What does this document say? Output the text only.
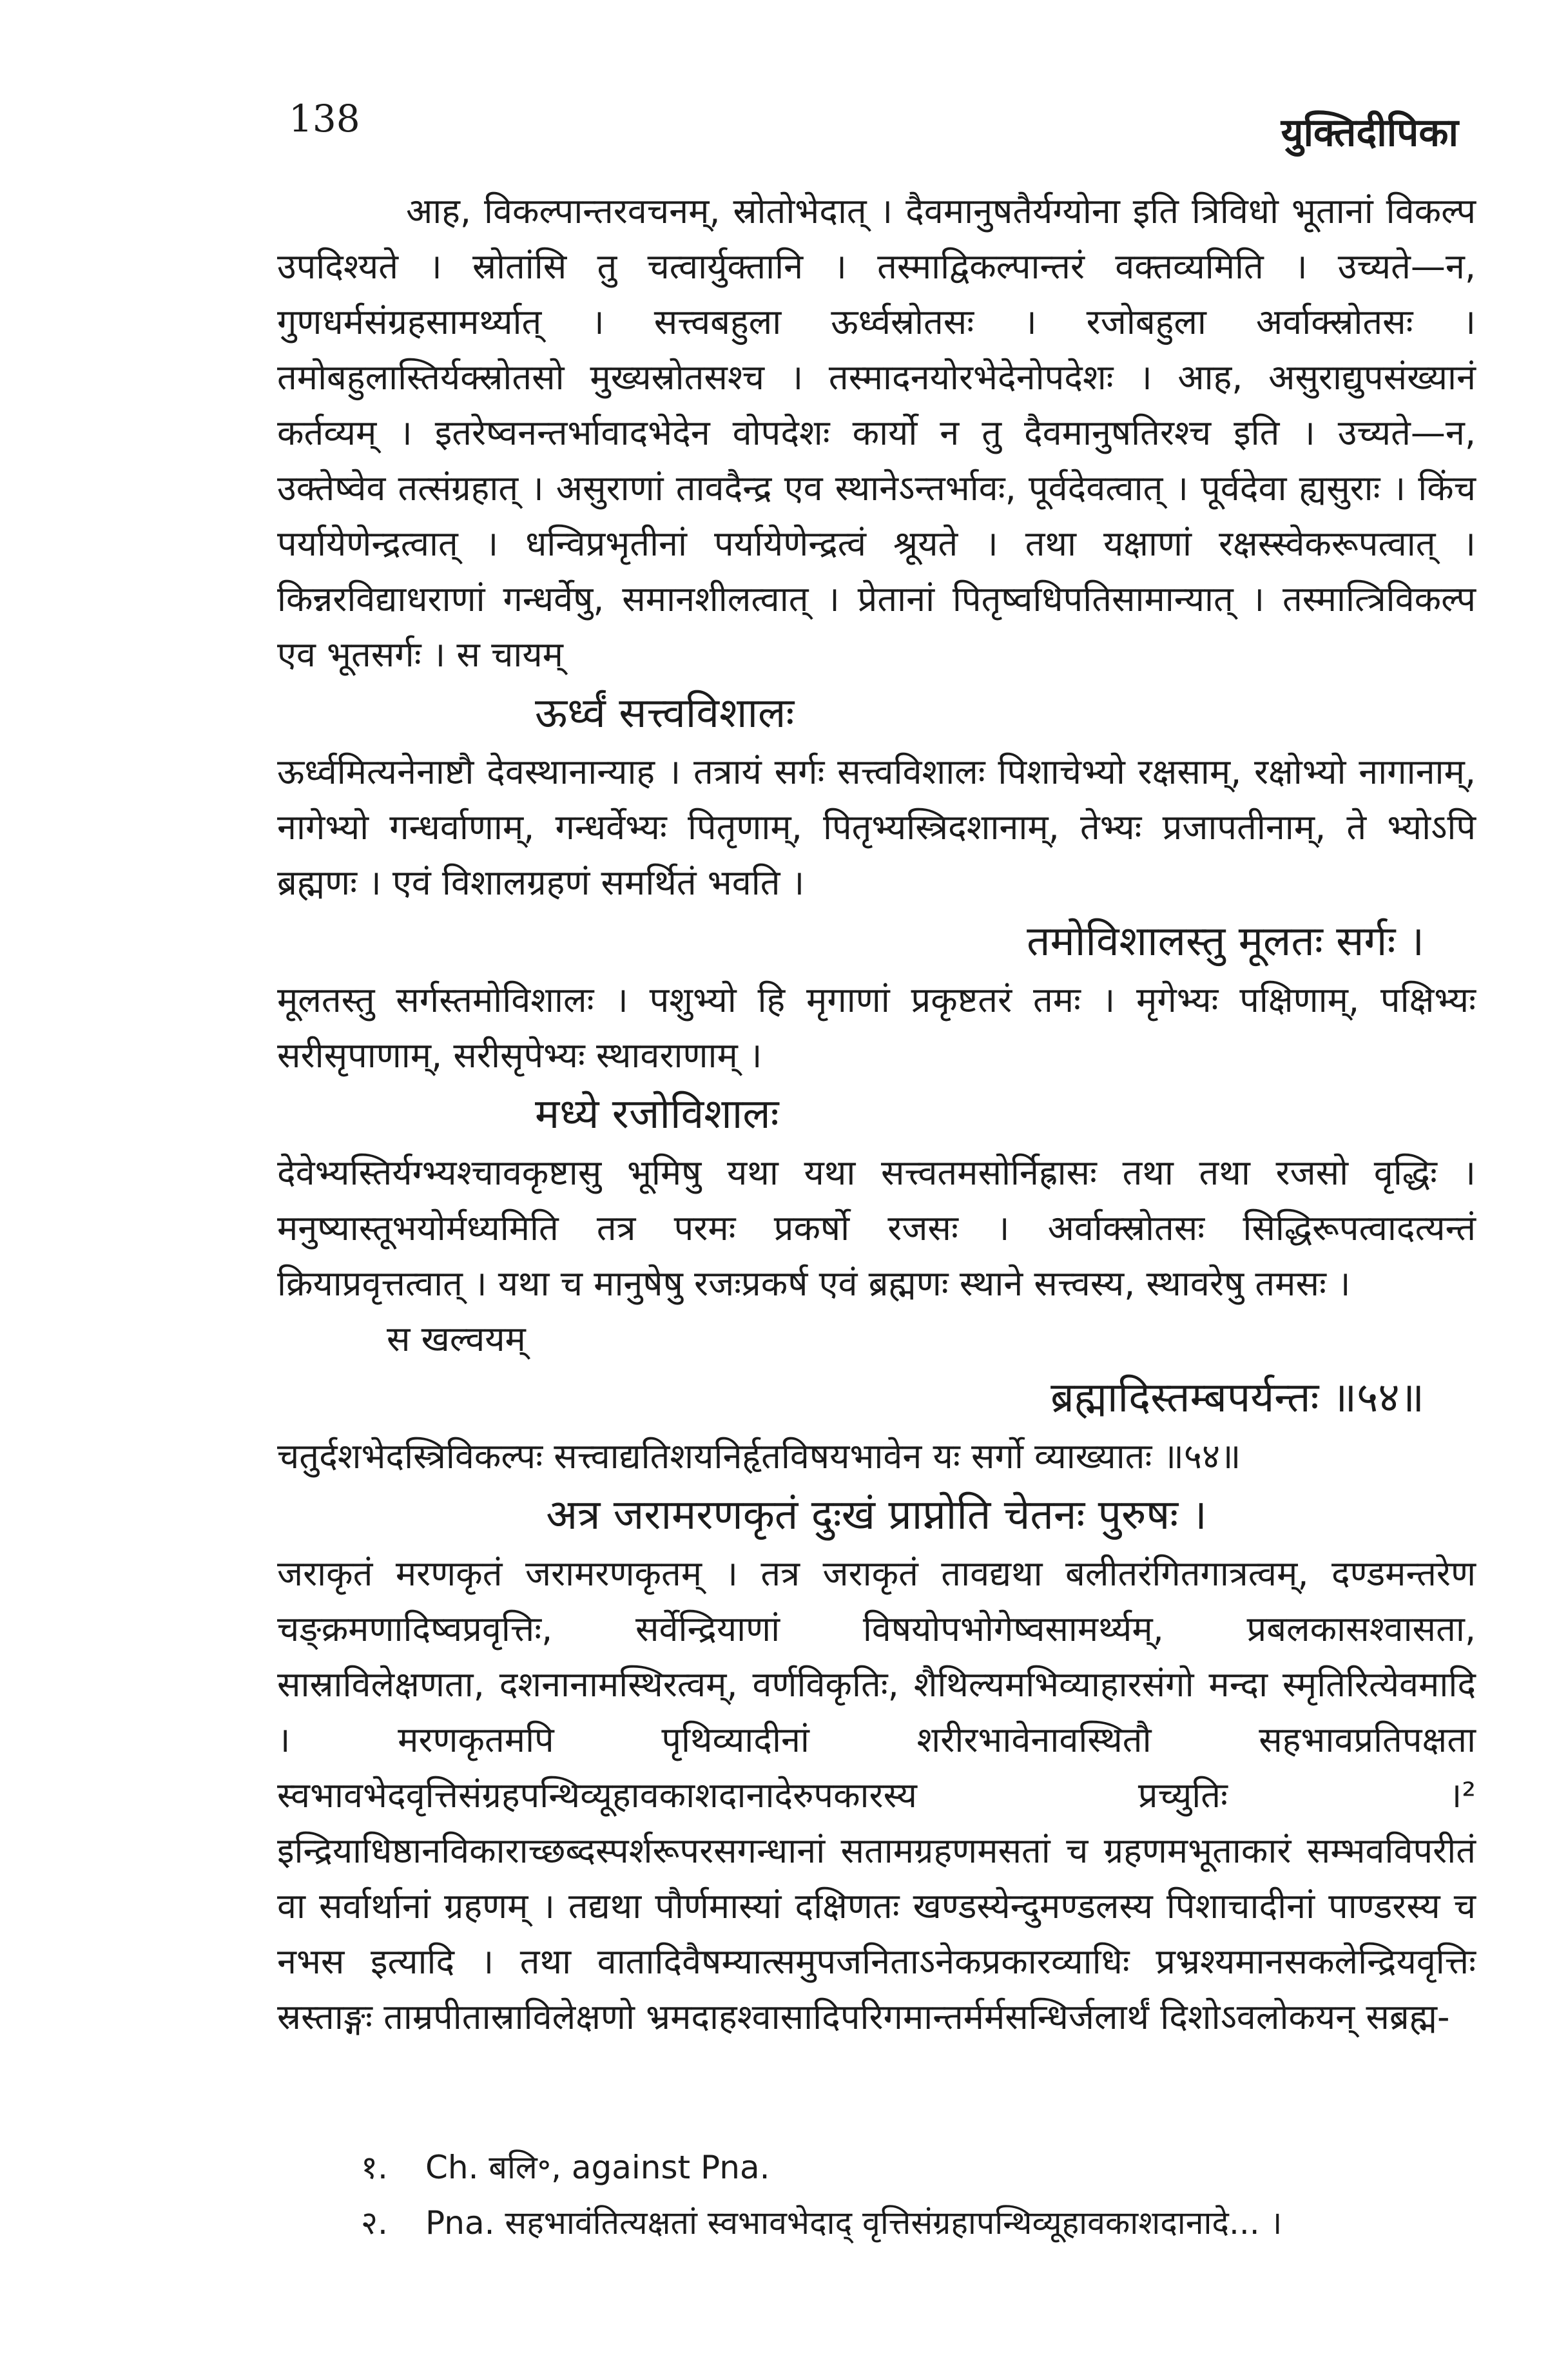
138	युक्तिदीपिका

आह, विकल्पान्तरवचनम्, स्रोतोभेदात् । दैवमानुषतैर्यग्योना इति त्रिविधो भूतानां विकल्प उपदिश्यते । स्रोतांसि तु चत्वार्युक्तानि । तस्माद्विकल्पान्तरं वक्तव्यमिति । उच्यते—न, गुणधर्मसंग्रहसामर्थ्यात् । सत्त्वबहुला ऊर्ध्वस्रोतसः । रजोबहुला अर्वाक्स्रोतसः । तमोबहुलास्तिर्यक्स्रोतसो मुख्यस्रोतसश्च । तस्मादनयोरभेदेनोपदेशः । आह, असुराद्युपसंख्यानं कर्तव्यम् । इतरेष्वनन्तर्भावादभेदेन वोपदेशः कार्यो न तु दैवमानुषतिरश्च इति । उच्यते—न, उक्तेष्वेव तत्संग्रहात् । असुराणां तावदैन्द्र एव स्थानेऽन्तर्भावः, पूर्वदेवत्वात् । पूर्वदेवा ह्यसुराः । किंच पर्यायेणेन्द्रत्वात् । धन्विप्रभृतीनां पर्यायेणेन्द्रत्वं श्रूयते । तथा यक्षाणां रक्षस्स्वेकरूपत्वात् । किन्नरविद्याधराणां गन्धर्वेषु, समानशीलत्वात् । प्रेतानां पितृष्वधिपतिसामान्यात् । तस्मात्त्रिविकल्प एव भूतसर्गः । स चायम्

ऊर्ध्वं सत्त्वविशालः

ऊर्ध्वमित्यनेनाष्टौ देवस्थानान्याह । तत्रायं सर्गः सत्त्वविशालः पिशाचेभ्यो रक्षसाम्, रक्षोभ्यो नागानाम्, नागेभ्यो गन्धर्वाणाम्, गन्धर्वेभ्यः पितृणाम्, पितृभ्यस्त्रिदशानाम्, तेभ्यः प्रजापतीनाम्, ते भ्योऽपि ब्रह्मणः । एवं विशालग्रहणं समर्थितं भवति ।

तमोविशालस्तु मूलतः सर्गः ।

मूलतस्तु सर्गस्तमोविशालः । पशुभ्यो हि मृगाणां प्रकृष्टतरं तमः । मृगेभ्यः पक्षिणाम्, पक्षिभ्यः सरीसृपाणाम्, सरीसृपेभ्यः स्थावराणाम् ।

मध्ये रजोविशालः

देवेभ्यस्तिर्यग्भ्यश्चावकृष्टासु भूमिषु यथा यथा सत्त्वतमसोर्निह्रासः तथा तथा रजसो वृद्धिः । मनुष्यास्तूभयोर्मध्यमिति तत्र परमः प्रकर्षो रजसः । अर्वाक्स्रोतसः सिद्धिरूपत्वादत्यन्तं क्रियाप्रवृत्तत्वात् । यथा च मानुषेषु रजःप्रकर्ष एवं ब्रह्मणः स्थाने सत्त्वस्य, स्थावरेषु तमसः ।

स खल्वयम्

ब्रह्मादिस्तम्बपर्यन्तः ॥५४॥

चतुर्दशभेदस्त्रिविकल्पः सत्त्वाद्यतिशयनिर्हृतविषयभावेन यः सर्गो व्याख्यातः ॥५४॥

अत्र जरामरणकृतं दुःखं प्राप्नोति चेतनः पुरुषः ।

जराकृतं मरणकृतं जरामरणकृतम् । तत्र जराकृतं तावद्यथा बलीतरंगितगात्रत्वम्, दण्डमन्तरेण चङ्क्रमणादिष्वप्रवृत्तिः, सर्वेन्द्रियाणां विषयोपभोगेष्वसामर्थ्यम्, प्रबलकासश्वासता, सास्राविलेक्षणता, दशनानामस्थिरत्वम्, वर्णविकृतिः, शैथिल्यमभिव्याहारसंगो मन्दा स्मृतिरित्येवमादि । मरणकृतमपि पृथिव्यादीनां शरीरभावेनावस्थितौ सहभावप्रतिपक्षता स्वभावभेदवृत्तिसंग्रहपन्थिव्यूहावकाशदानादेरुपकारस्य प्रच्युतिः ।² इन्द्रियाधिष्ठानविकाराच्छब्दस्पर्शरूपरसगन्धानां सतामग्रहणमसतां च ग्रहणमभूताकारं सम्भवविपरीतं वा सर्वार्थानां ग्रहणम् । तद्यथा पौर्णमास्यां दक्षिणतः खण्डस्येन्दुमण्डलस्य पिशाचादीनां पाण्डरस्य च नभस इत्यादि । तथा वातादिवैषम्यात्समुपजनिताऽनेकप्रकारव्याधिः प्रभ्रश्यमानसकलेन्द्रियवृत्तिः स्रस्ताङ्गः ताम्रपीतास्राविलेक्षणो भ्रमदाहश्वासादिपरिगमान्तर्मर्मसन्धिर्जलार्थं दिशोऽवलोकयन् सब्रह्म-

१.	Ch. बलि॰, against Pna.
२.	Pna. सहभावंतित्यक्षतां स्वभावभेदाद् वृत्तिसंग्रहापन्थिव्यूहावकाशदानादे... ।
